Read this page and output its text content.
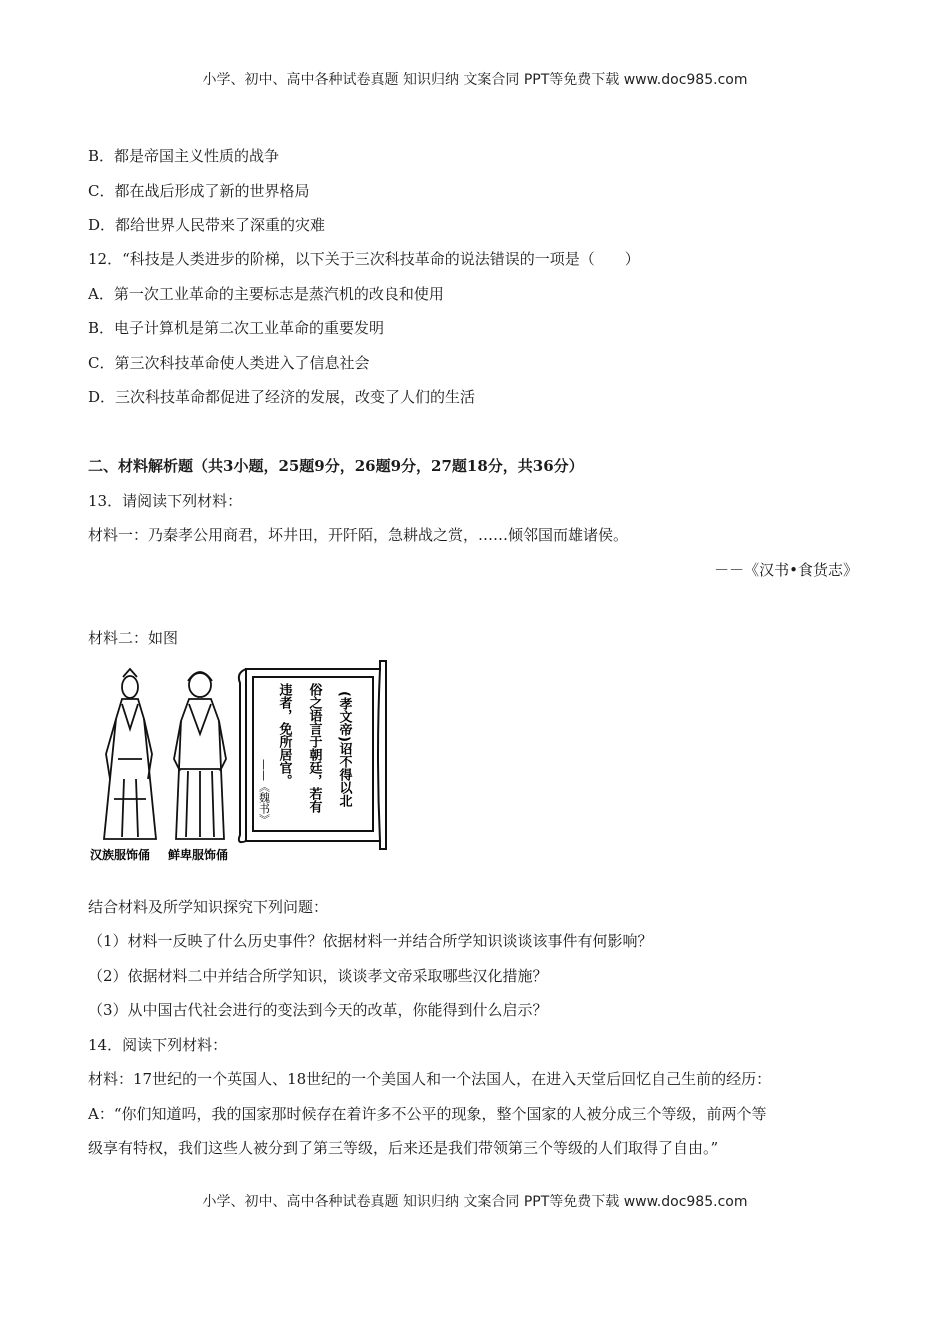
小学、初中、高中各种试卷真题 知识归纳 文案合同 PPT等免费下载 www.doc985.com
B．都是帝国主义性质的战争
C．都在战后形成了新的世界格局
D．都给世界人民带来了深重的灾难
12．“科技是人类进步的阶梯，以下关于三次科技革命的说法错误的一项是（　　）
A．第一次工业革命的主要标志是蒸汽机的改良和使用
B．电子计算机是第二次工业革命的重要发明
C．第三次科技革命使人类进入了信息社会
D．三次科技革命都促进了经济的发展，改变了人们的生活
二、材料解析题（共3小题，25题9分，26题9分，27题18分，共36分）
13．请阅读下列材料：
材料一：乃秦孝公用商君，坏井田，开阡陌，急耕战之赏，……倾邻国而雄诸侯。
－－《汉书•食货志》
材料二：如图
汉族服饰俑 鲜卑服饰俑
(孝文帝)诏不得以北
俗之语言于朝廷，若有
违者，免所居官。
——《魏书》
结合材料及所学知识探究下列问题：
（1）材料一反映了什么历史事件？依据材料一并结合所学知识谈谈该事件有何影响？
（2）依据材料二中并结合所学知识，谈谈孝文帝采取哪些汉化措施？
（3）从中国古代社会进行的变法到今天的改革，你能得到什么启示？
14．阅读下列材料：
材料：17世纪的一个英国人、18世纪的一个美国人和一个法国人，在进入天堂后回忆自己生前的经历：
A：“你们知道吗，我的国家那时候存在着许多不公平的现象，整个国家的人被分成三个等级，前两个等
级享有特权，我们这些人被分到了第三等级，后来还是我们带领第三个等级的人们取得了自由。”
小学、初中、高中各种试卷真题 知识归纳 文案合同 PPT等免费下载 www.doc985.com
